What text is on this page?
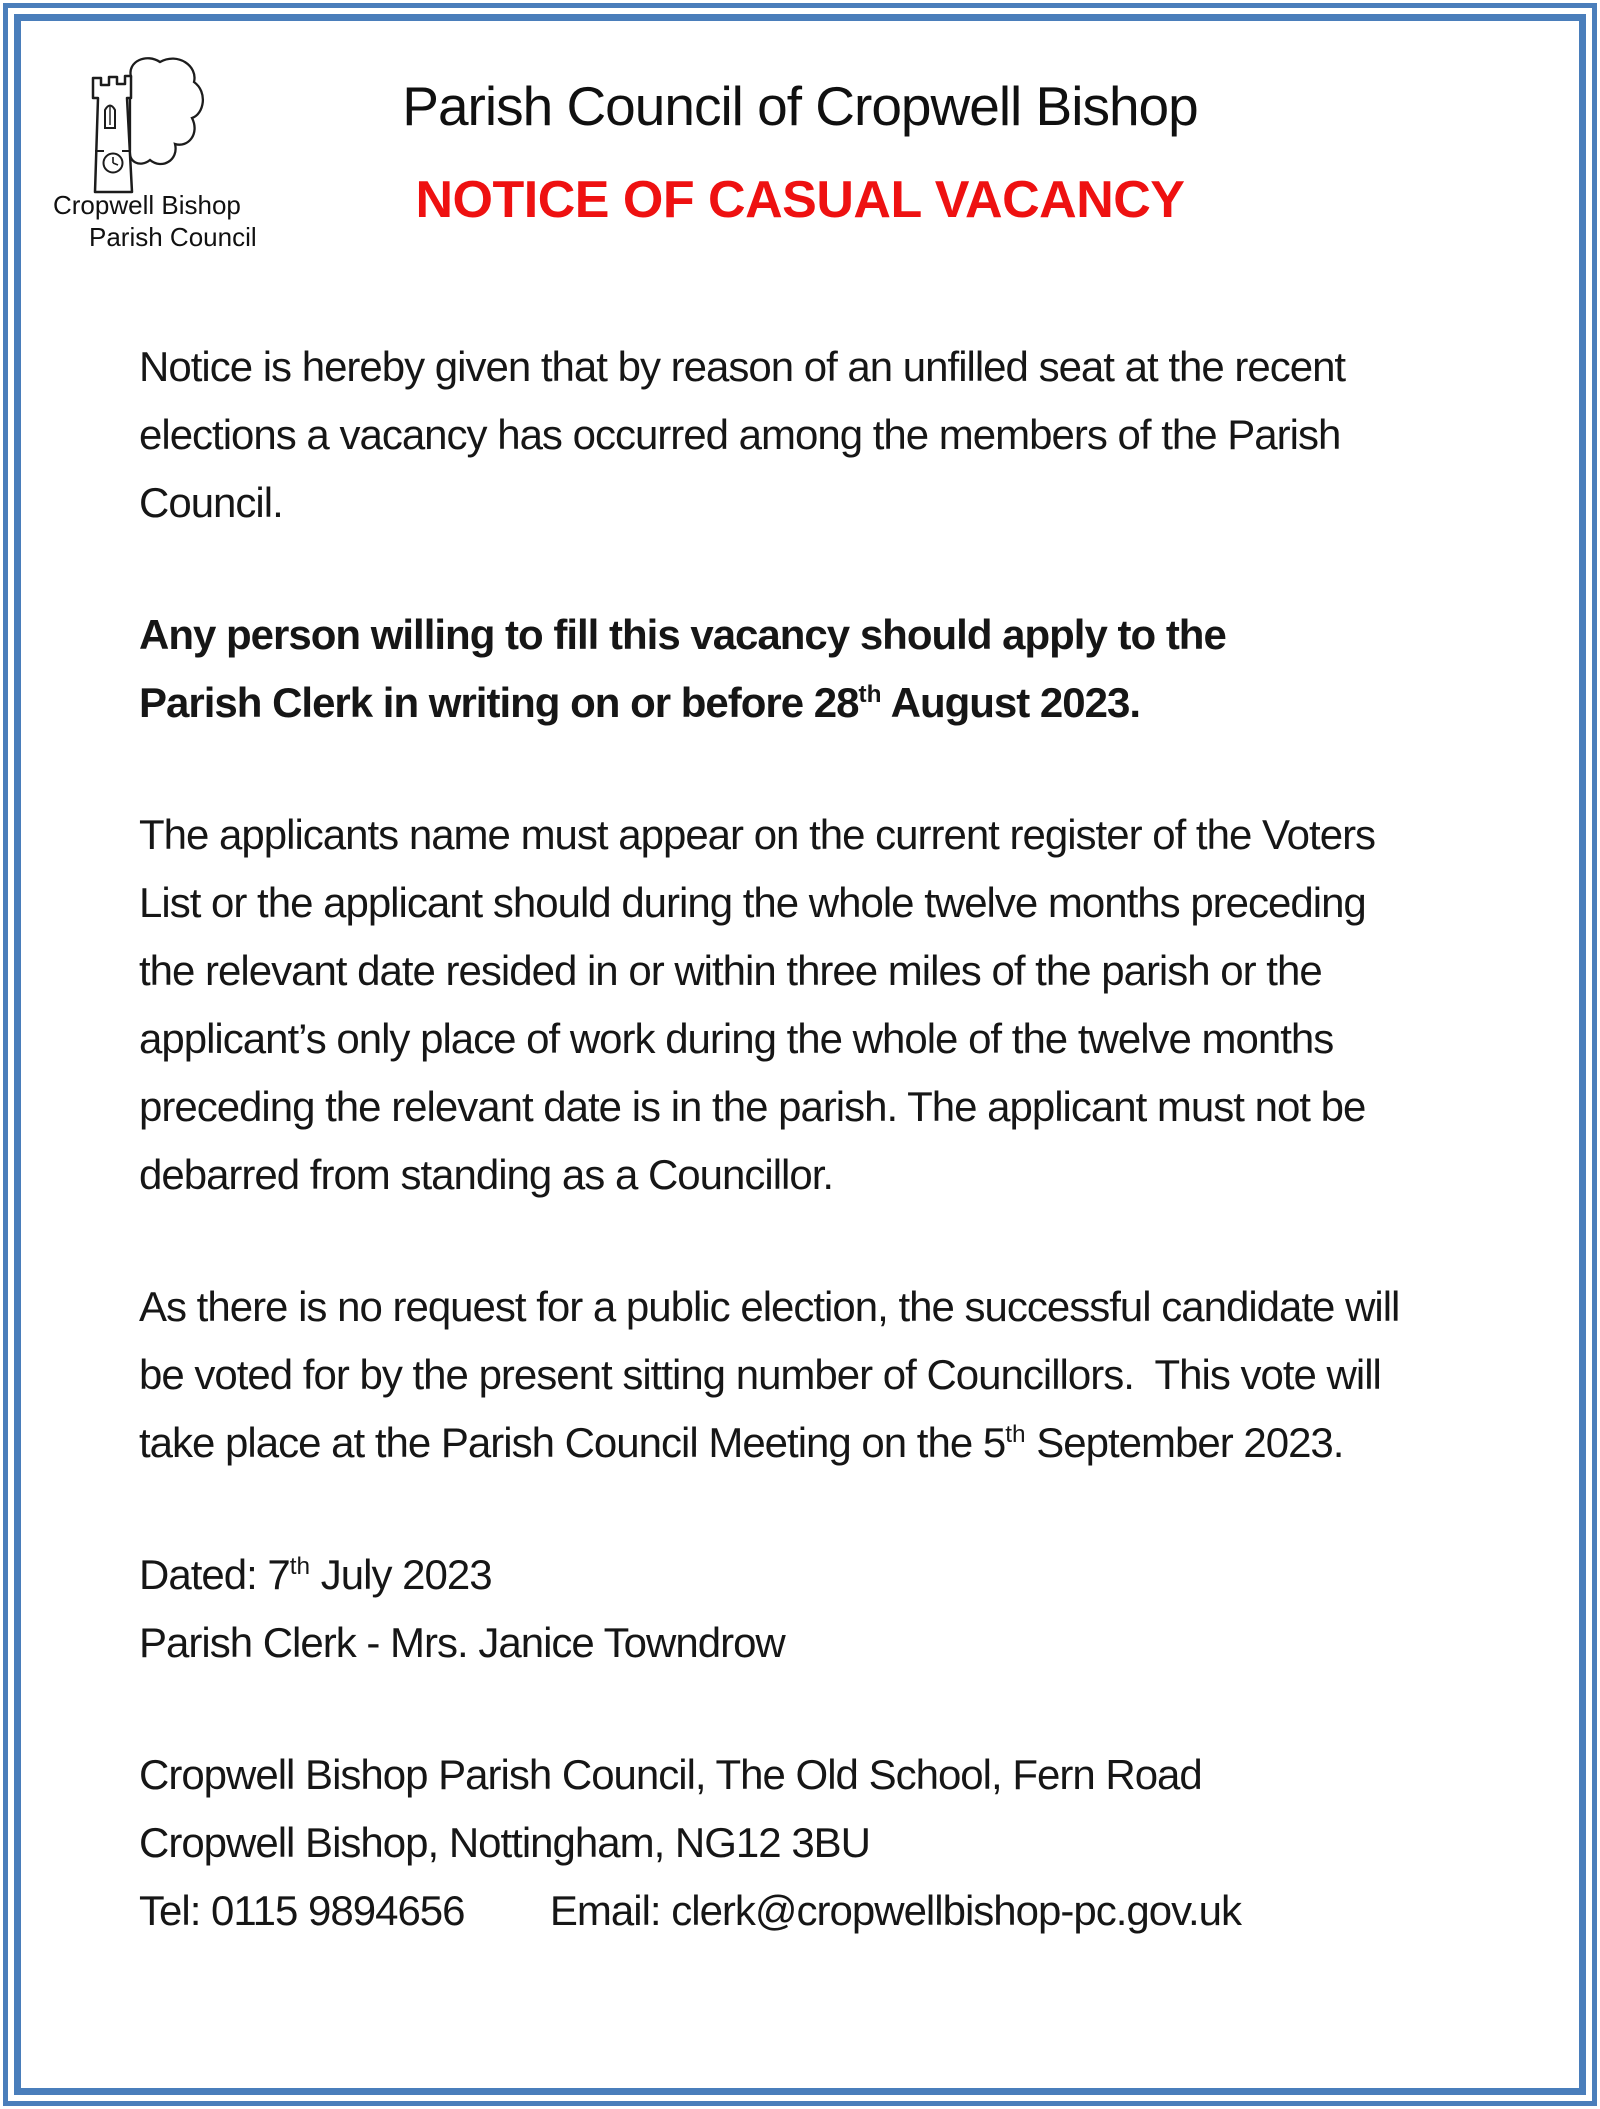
Cropwell Bishop
Parish Council
Parish Council of Cropwell Bishop
NOTICE OF CASUAL VACANCY
Notice is hereby given that by reason of an unfilled seat at the recent
elections a vacancy has occurred among the members of the Parish
Council.
Any person willing to fill this vacancy should apply to the
Parish Clerk in writing on or before 28th August 2023.
The applicants name must appear on the current register of the Voters
List or the applicant should during the whole twelve months preceding
the relevant date resided in or within three miles of the parish or the
applicant’s only place of work during the whole of the twelve months
preceding the relevant date is in the parish. The applicant must not be
debarred from standing as a Councillor.
As there is no request for a public election, the successful candidate will
be voted for by the present sitting number of Councillors.  This vote will
take place at the Parish Council Meeting on the 5th September 2023.
Dated: 7th July 2023
Parish Clerk - Mrs. Janice Towndrow
Cropwell Bishop Parish Council, The Old School, Fern Road
Cropwell Bishop, Nottingham, NG12 3BU
Tel: 0115 9894656        Email: clerk@cropwellbishop-pc.gov.uk
